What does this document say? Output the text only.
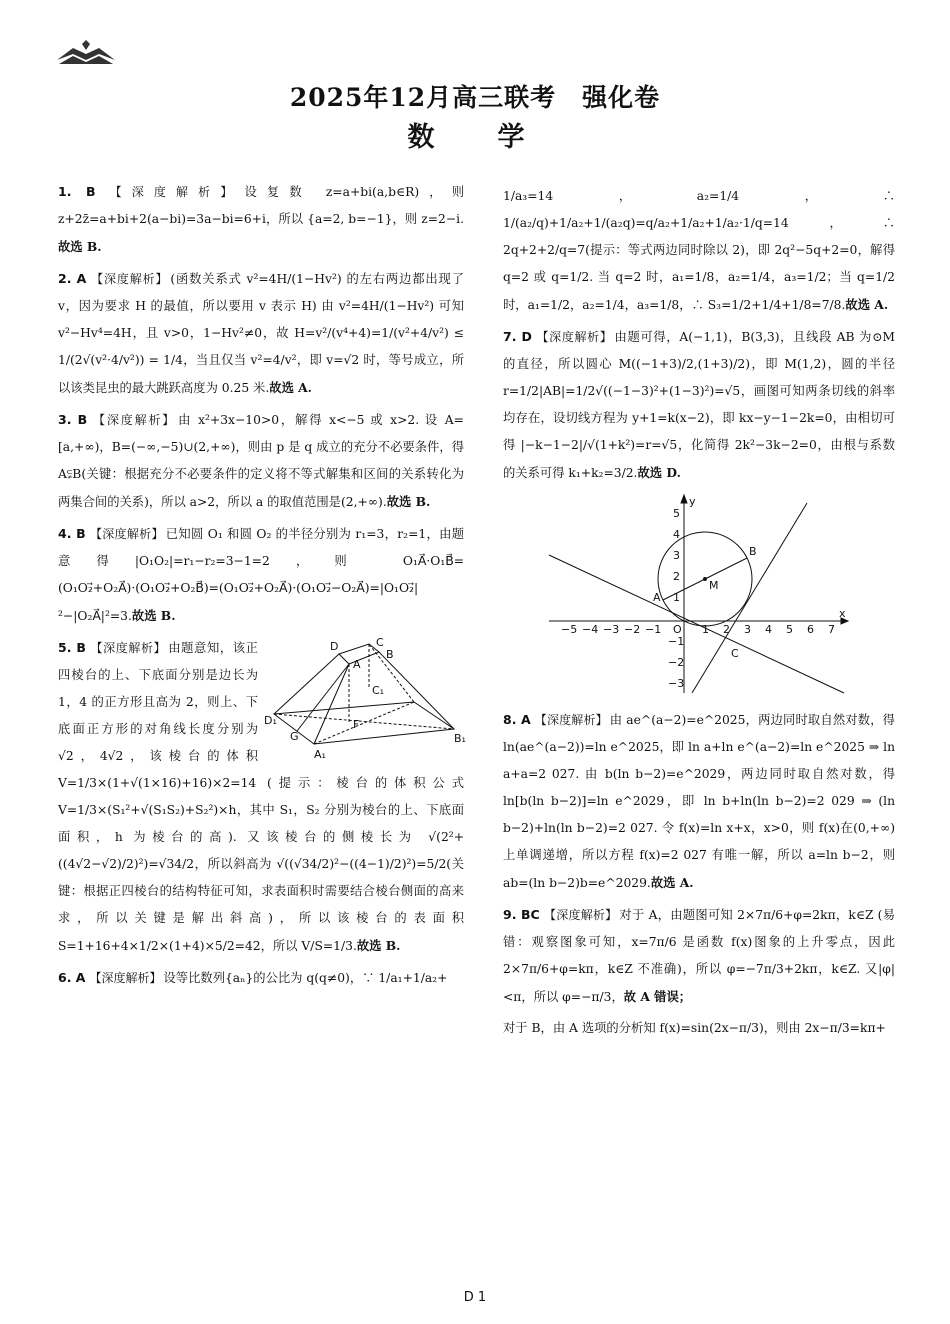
2025年12月高三联考　强化卷
数　学

1. B 【深度解析】 设复数 z=a+bi(a,b∈R)，则 z+2z̄=a+bi+2(a−bi)=3a−bi=6+i，所以 {a=2, b=−1}，则 z=2−i.故选 B.

2. A 【深度解析】 (函数关系式 v²=4H/(1−Hv²) 的左右两边都出现了 v，因为要求 H 的最值，所以要用 v 表示 H) 由 v²=4H/(1−Hv²) 可知 v²−Hv⁴=4H，且 v>0，1−Hv²≠0，故 H=v²/(v⁴+4)=1/(v²+4/v²) ≤ 1/(2√(v²·4/v²)) = 1/4，当且仅当 v²=4/v²，即 v=√2 时，等号成立，所以该类昆虫的最大跳跃高度为 0.25 米.故选 A.

3. B 【深度解析】 由 x²+3x−10>0，解得 x<−5 或 x>2. 设 A=[a,+∞)，B=(−∞,−5)∪(2,+∞)，则由 p 是 q 成立的充分不必要条件，得 A⫋B(关键：根据充分不必要条件的定义将不等式解集和区间的关系转化为两集合间的关系)，所以 a>2，所以 a 的取值范围是(2,+∞).故选 B.

4. B 【深度解析】 已知圆 O₁ 和圆 O₂ 的半径分别为 r₁=3，r₂=1，由题意得|O₁O₂|=r₁−r₂=3−1=2，则 O₁A⃗·O₁B⃗=(O₁O₂⃗+O₂A⃗)·(O₁O₂⃗+O₂B⃗)=(O₁O₂⃗+O₂A⃗)·(O₁O₂⃗−O₂A⃗)=|O₁O₂⃗|²−|O₂A⃗|²=3.故选 B.

D	C
A
B
C₁
D₁
G
F
B₁
A₁
5. B 【深度解析】 由题意知，该正四棱台的上、下底面分别是边长为 1，4 的正方形且高为 2，则上、下底面正方形的对角线长度分别为 √2，4√2，该棱台的体积 V=1/3×(1+√(1×16)+16)×2=14 (提示：棱台的体积公式 V=1/3×(S₁²+√(S₁S₂)+S₂²)×h，其中 S₁，S₂ 分别为棱台的上、下底面面积，h 为棱台的高). 又该棱台的侧棱长为 √(2²+((4√2−√2)/2)²)=√34/2，所以斜高为 √((√34/2)²−((4−1)/2)²)=5/2(关键：根据正四棱台的结构特征可知，求表面积时需要结合棱台侧面的高来求，所以关键是解出斜高)，所以该棱台的表面积 S=1+16+4×1/2×(1+4)×5/2=42，所以 V/S=1/3.故选 B.

6. A 【深度解析】 设等比数列{aₙ}的公比为 q(q≠0)，∵ 1/a₁+1/a₂+

1/a₃=14，a₂=1/4，∴ 1/(a₂/q)+1/a₂+1/(a₂q)=q/a₂+1/a₂+1/a₂·1/q=14，∴ 2q+2+2/q=7(提示：等式两边同时除以 2)，即 2q²−5q+2=0，解得 q=2 或 q=1/2. 当 q=2 时，a₁=1/8，a₂=1/4，a₃=1/2；当 q=1/2 时，a₁=1/2，a₂=1/4，a₃=1/8，∴ S₃=1/2+1/4+1/8=7/8.故选 A.

7. D 【深度解析】 由题可得，A(−1,1)，B(3,3)，且线段 AB 为⊙M 的直径，所以圆心 M((−1+3)/2,(1+3)/2)，即 M(1,2)，圆的半径 r=1/2|AB|=1/2√((−1−3)²+(1−3)²)=√5，画图可知两条切线的斜率均存在，设切线方程为 y+1=k(x−2)，即 kx−y−1−2k=0，由相切可得 |−k−1−2|/√(1+k²)=r=√5，化简得 2k²−3k−2=0，由根与系数的关系可得 k₁+k₂=3/2.故选 D.

y
x
O
A
B
M
C
−5 −4 −3 −2 −1	1 2 3 4 5 6 7
5
4
3
2
1
−1
−2
−3

8. A 【深度解析】 由 ae^(a−2)=e^2025，两边同时取自然对数，得 ln(ae^(a−2))=ln e^2025，即 ln a+ln e^(a−2)=ln e^2025 ⇒ ln a+a=2 027. 由 b(ln b−2)=e^2029，两边同时取自然对数，得 ln[b(ln b−2)]=ln e^2029，即 ln b+ln(ln b−2)=2 029 ⇒ (ln b−2)+ln(ln b−2)=2 027. 令 f(x)=ln x+x，x>0，则 f(x)在(0,+∞)上单调递增，所以方程 f(x)=2 027 有唯一解，所以 a=ln b−2，则 ab=(ln b−2)b=e^2029.故选 A.

9. BC 【深度解析】 对于 A，由题图可知 2×7π/6+φ=2kπ，k∈Z (易错：观察图象可知，x=7π/6 是函数 f(x)图象的上升零点，因此 2×7π/6+φ=kπ，k∈Z 不准确)，所以 φ=−7π/3+2kπ，k∈Z. 又|φ|<π，所以 φ=−π/3，故 A 错误；

对于 B，由 A 选项的分析知 f(x)=sin(2x−π/3)，则由 2x−π/3=kπ+

D 1
